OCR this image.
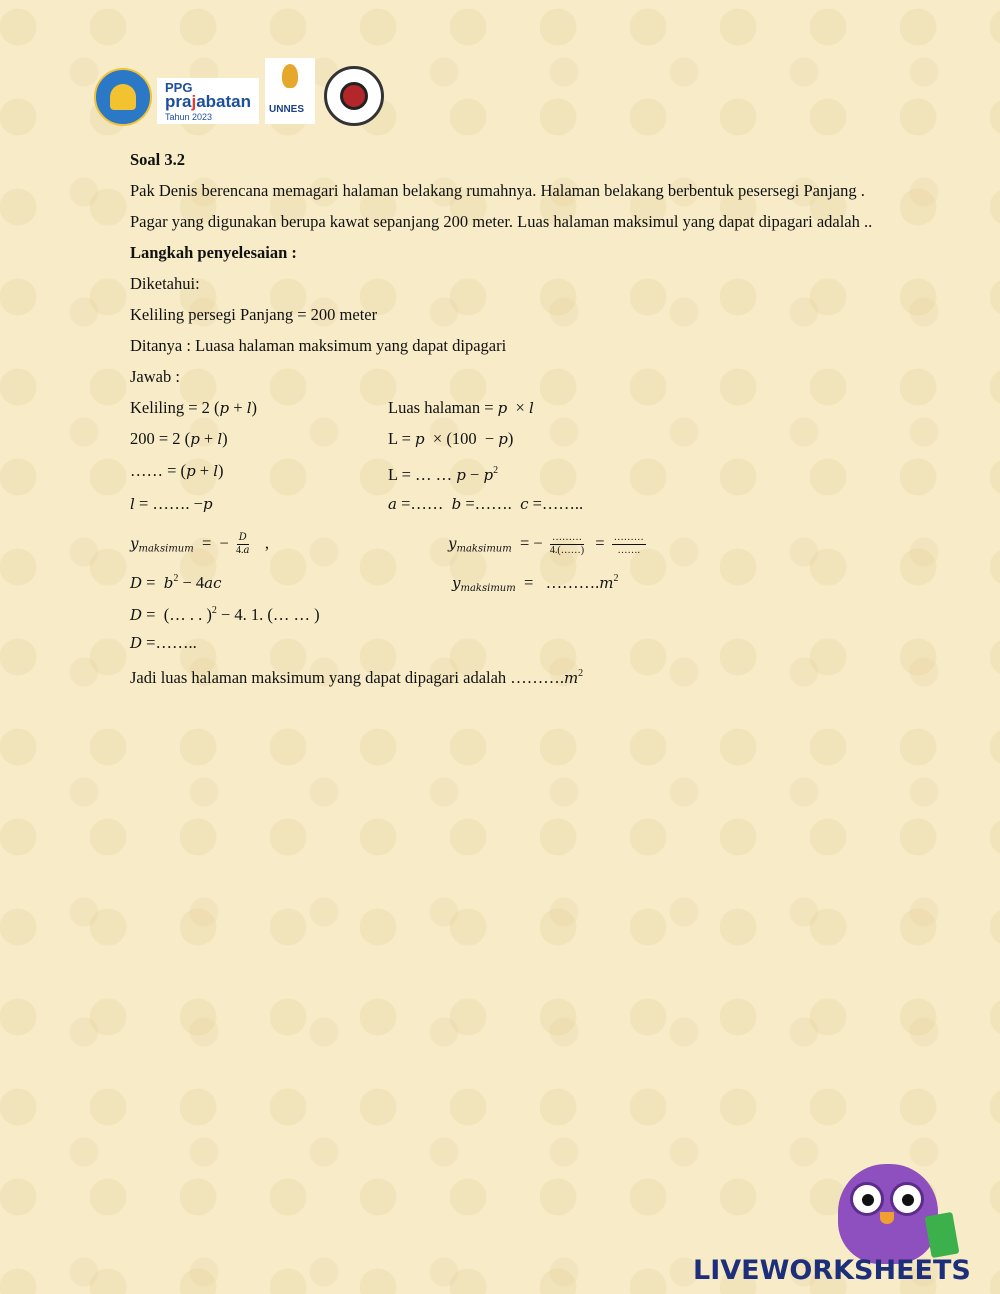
PPG
prajabatan
Tahun 2023
UNNES
Soal 3.2
Pak Denis berencana memagari halaman belakang rumahnya. Halaman belakang berbentuk pesersegi Panjang .
Pagar yang digunakan berupa kawat sepanjang 200 meter. Luas halaman maksimul yang dapat dipagari adalah ..
Langkah penyelesaian :
Diketahui:
Keliling persegi Panjang = 200 meter
Ditanya : Luasa halaman maksimum yang dapat dipagari
Jawab :
Keliling = 2 (p + l)	Luas halaman = p  × l
200 = 2 (p + l)	L = p  × (100  − p)
…… = (p + l)	L = … … $p - p^2$
l = ……. −p	a =……  b =…….  c =……..
$y_{maksimum}$  =  − $\frac{D}{4.a}$ ,	$y_{maksimum}$  = − $\frac{\dots\dots\dots}{4.(\dots\dots)} = \frac{\dots\dots\dots}{\dots\dots.}$
$D = b^2 - 4ac$	$y_{maksimum}$  =   $\dots\dots\dots.m^2$
D =  (… . . )$^2$ − 4. 1. (… … )
D =……..
Jadi luas halaman maksimum yang dapat dipagari adalah $\dots\dots\dots.m^2$
LIVEWORKSHEETS
